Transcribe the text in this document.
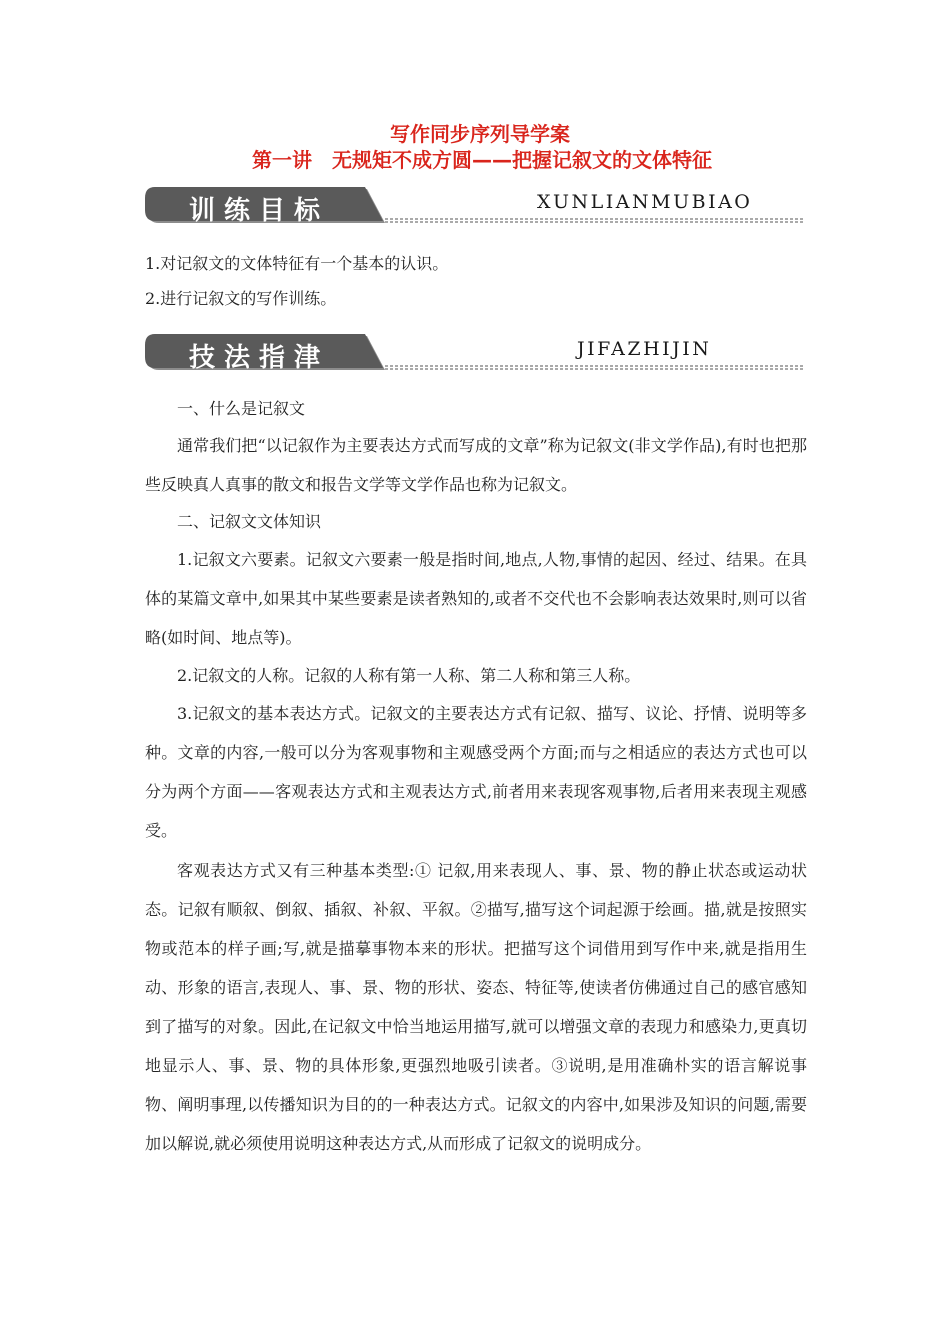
写作同步序列导学案
第一讲　无规矩不成方圆——把握记叙文的文体特征
训练目标	XUNLIANMUBIAO

1.对记叙文的文体特征有一个基本的认识。

2.进行记叙文的写作训练。

技法指津	JIFAZHIJIN

一、什么是记叙文

通常我们把“以记叙作为主要表达方式而写成的文章”称为记叙文(非文学作品),有时也把那些反映真人真事的散文和报告文学等文学作品也称为记叙文。

二、记叙文文体知识

1.记叙文六要素。记叙文六要素一般是指时间,地点,人物,事情的起因、经过、结果。在具体的某篇文章中,如果其中某些要素是读者熟知的,或者不交代也不会影响表达效果时,则可以省略(如时间、地点等)。

2.记叙文的人称。记叙的人称有第一人称、第二人称和第三人称。

3.记叙文的基本表达方式。记叙文的主要表达方式有记叙、描写、议论、抒情、说明等多种。文章的内容,一般可以分为客观事物和主观感受两个方面;而与之相适应的表达方式也可以分为两个方面——客观表达方式和主观表达方式,前者用来表现客观事物,后者用来表现主观感受。

客观表达方式又有三种基本类型:① 记叙,用来表现人、事、景、物的静止状态或运动状态。记叙有顺叙、倒叙、插叙、补叙、平叙。②描写,描写这个词起源于绘画。描,就是按照实物或范本的样子画;写,就是描摹事物本来的形状。把描写这个词借用到写作中来,就是指用生动、形象的语言,表现人、事、景、物的形状、姿态、特征等,使读者仿佛通过自己的感官感知到了描写的对象。因此,在记叙文中恰当地运用描写,就可以增强文章的表现力和感染力,更真切地显示人、事、景、物的具体形象,更强烈地吸引读者。③说明,是用准确朴实的语言解说事物、阐明事理,以传播知识为目的的一种表达方式。记叙文的内容中,如果涉及知识的问题,需要加以解说,就必须使用说明这种表达方式,从而形成了记叙文的说明成分。
